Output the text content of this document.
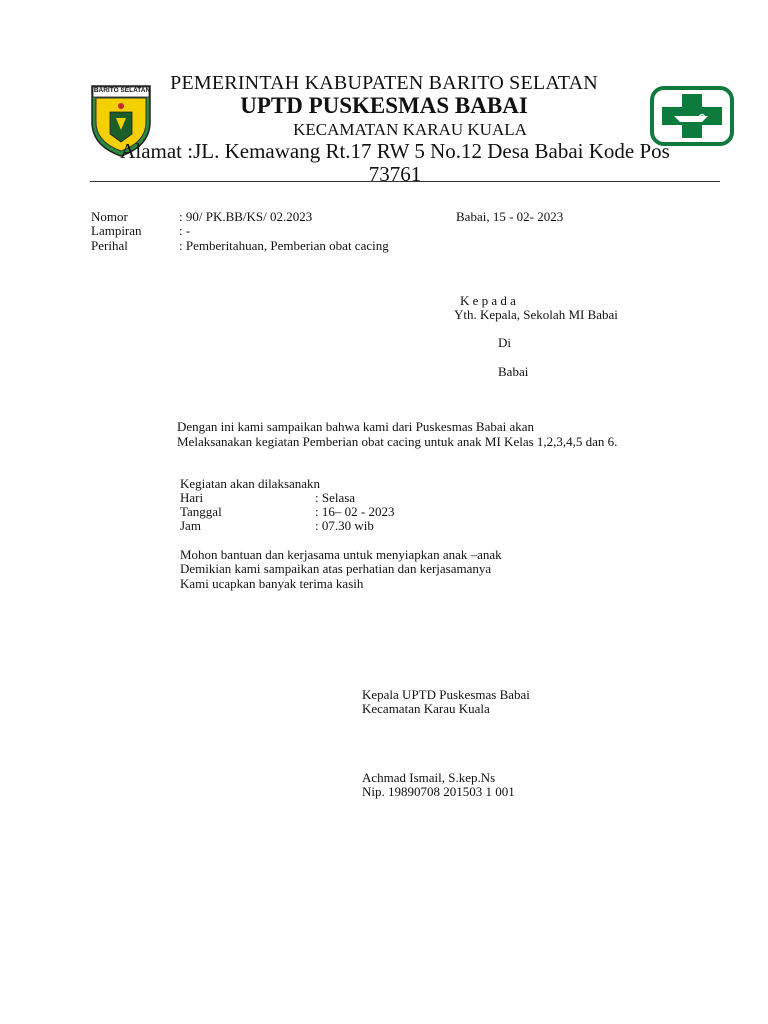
BARITO SELATAN PEMERINTAH KABUPATEN BARITO SELATAN
UPTD PUSKESMAS BABAI
KECAMATAN KARAU KUALA
Alamat :JL. Kemawang Rt.17 RW 5 No.12 Desa Babai Kode Pos
73761
Nomor	: 90/ PK.BB/KS/ 02.2023	Babai, 15 - 02- 2023
Lampiran	: -
Perihal	: Pemberitahuan, Pemberian obat cacing
K e p a d a
Yth. Kepala, Sekolah MI Babai
Di
Babai
Dengan ini kami sampaikan bahwa kami dari Puskesmas Babai akan
Melaksanakan kegiatan Pemberian obat cacing untuk anak MI Kelas 1,2,3,4,5 dan 6.
Kegiatan akan dilaksanakn
Hari	: Selasa
Tanggal	: 16– 02 - 2023
Jam	: 07.30 wib
Mohon bantuan dan kerjasama untuk menyiapkan anak –anak
Demikian kami sampaikan atas perhatian dan kerjasamanya
Kami ucapkan banyak terima kasih
Kepala UPTD Puskesmas Babai
Kecamatan Karau Kuala
Achmad Ismail, S.kep.Ns
Nip. 19890708 201503 1 001
